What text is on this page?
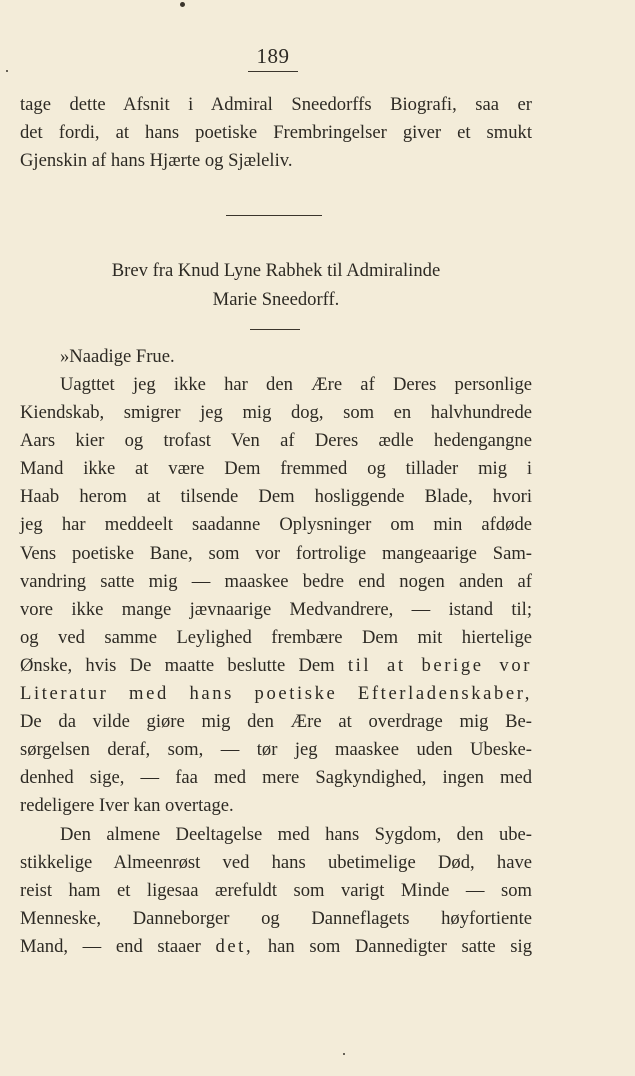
189
tage dette Afsnit i Admiral Sneedorffs Biografi, saa er
det fordi, at hans poetiske Frembringelser giver et smukt
Gjenskin af hans Hjærte og Sjæleliv.
Brev fra Knud Lyne Rabhek til Admiralinde
Marie Sneedorff.
»Naadige Frue.
Uagttet jeg ikke har den Ære af Deres personlige
Kiendskab, smigrer jeg mig dog, som en halvhundrede
Aars kier og trofast Ven af Deres ædle hedengangne
Mand ikke at være Dem fremmed og tillader mig i
Haab herom at tilsende Dem hosliggende Blade, hvori
jeg har meddeelt saadanne Oplysninger om min afdøde
Vens poetiske Bane, som vor fortrolige mangeaarige Sam-
vandring satte mig — maaskee bedre end nogen anden af
vore ikke mange jævnaarige Medvandrere, — istand til;
og ved samme Leylighed frembære Dem mit hiertelige
Ønske, hvis De maatte beslutte Dem til at berige vor
Literatur med hans poetiske Efterladenskaber,
De da vilde giøre mig den Ære at overdrage mig Be-
sørgelsen deraf, som, — tør jeg maaskee uden Ubeske-
denhed sige, — faa med mere Sagkyndighed, ingen med
redeligere Iver kan overtage.
Den almene Deeltagelse med hans Sygdom, den ube-
stikkelige Almeenrøst ved hans ubetimelige Død, have
reist ham et ligesaa ærefuldt som varigt Minde — som
Menneske, Danneborger og Danneflagets høyfortiente
Mand, — end staaer det, han som Dannedigter satte sig
